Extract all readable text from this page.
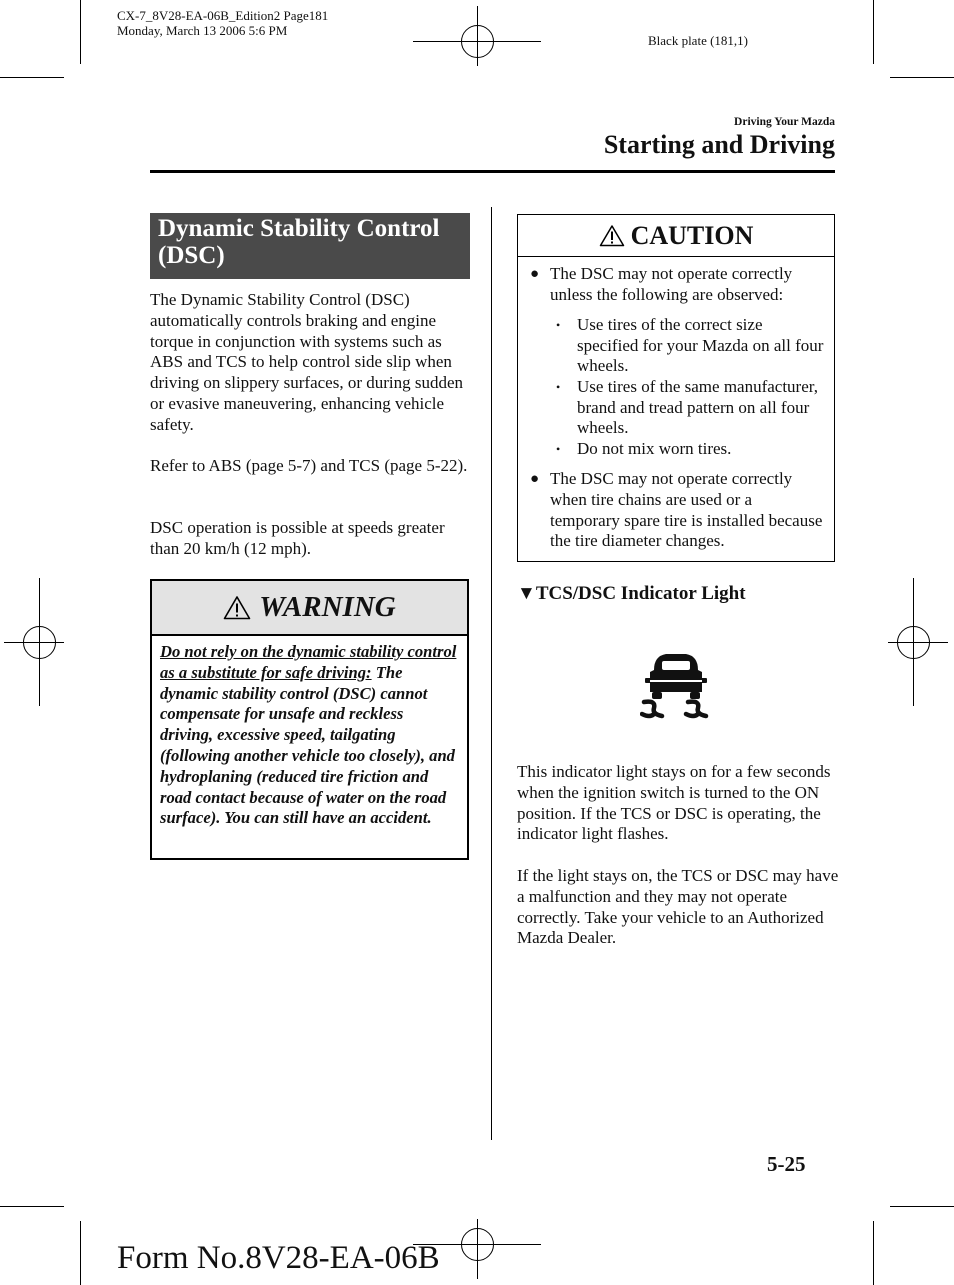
CX-7_8V28-EA-06B_Edition2 Page181
Monday, March 13 2006 5:6 PM
Black plate (181,1)
Driving Your Mazda
Starting and Driving
Dynamic Stability Control
(DSC)
The Dynamic Stability Control (DSC) automatically controls braking and engine torque in conjunction with systems such as ABS and TCS to help control side slip when driving on slippery surfaces, or during sudden or evasive maneuvering, enhancing vehicle safety.
Refer to ABS (page 5-7) and TCS (page 5-22).
DSC operation is possible at speeds greater than 20 km/h (12 mph).
WARNING
Do not rely on the dynamic stability control as a substitute for safe driving: The dynamic stability control (DSC) cannot compensate for unsafe and reckless driving, excessive speed, tailgating (following another vehicle too closely), and hydroplaning (reduced tire friction and road contact because of water on the road surface). You can still have an accident.
CAUTION
● The DSC may not operate correctly unless the following are observed:
• Use tires of the correct size specified for your Mazda on all four wheels.
• Use tires of the same manufacturer, brand and tread pattern on all four wheels.
• Do not mix worn tires.
● The DSC may not operate correctly when tire chains are used or a temporary spare tire is installed because the tire diameter changes.
▼TCS/DSC Indicator Light
This indicator light stays on for a few seconds when the ignition switch is turned to the ON position. If the TCS or DSC is operating, the indicator light flashes.
If the light stays on, the TCS or DSC may have a malfunction and they may not operate correctly. Take your vehicle to an Authorized Mazda Dealer.
5-25
Form No.8V28-EA-06B
